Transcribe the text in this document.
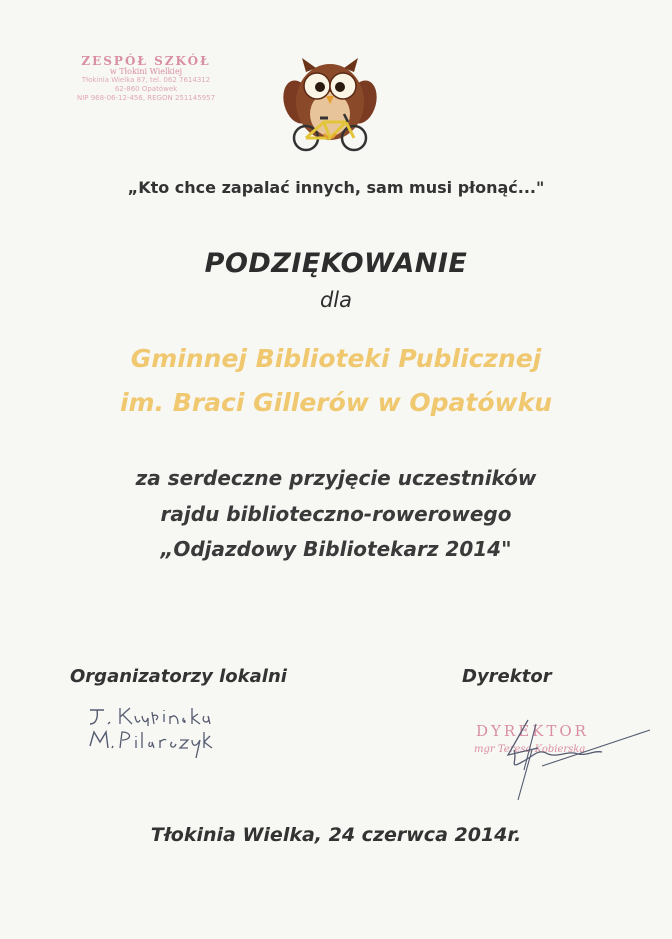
ZESPÓŁ SZKÓŁ
w Tłokini Wielkiej
Tłokinia Wielka 87, tel. 062 7614312
62-860 Opatówek
NIP 968-06-12-456, REGON 251145957
„Kto chce zapalać innych, sam musi płonąć..."
PODZIĘKOWANIE
dla
Gminnej Biblioteki Publicznej
im. Braci Gillerów w Opatówku
za serdeczne przyjęcie uczestników
rajdu biblioteczno-rowerowego
„Odjazdowy Bibliotekarz 2014"
Organizatorzy lokalni	Dyrektor
DYREKTOR
mgr Teresa Kobierska
Tłokinia Wielka, 24 czerwca 2014r.
